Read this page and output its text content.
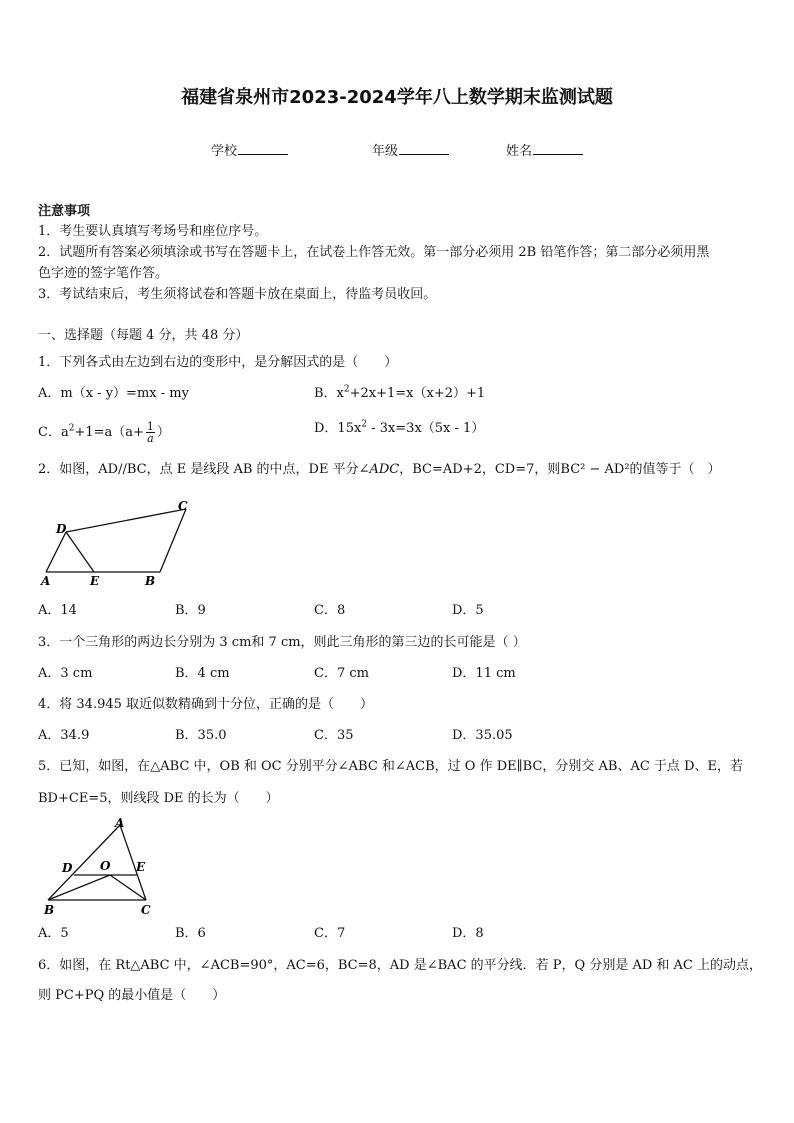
福建省泉州市2023-2024学年八上数学期末监测试题
学校	年级	姓名
注意事项
1．考生要认真填写考场号和座位序号。
2．试题所有答案必须填涂或书写在答题卡上，在试卷上作答无效。第一部分必须用 2B 铅笔作答；第二部分必须用黑
色字迹的签字笔作答。
3．考试结束后，考生须将试卷和答题卡放在桌面上，待监考员收回。
一、选择题（每题 4 分，共 48 分）
1．下列各式由左边到右边的变形中，是分解因式的是（　　）
A．m（x - y）=mx - my	B．$x^2+2x+1=x(x+2)+1$
C．$a^2+1=a(a+ \frac{1}{a}$ ）	D．$15x^2 - 3x=3x(5x - 1)$
2．如图，AD//BC，点 E 是线段 AB 的中点，DE 平分∠ADC，BC=AD+2，CD=7，则BC² − AD²的值等于（　）
D
C
A	E	B
A．14	B．9	C．8	D．5
3．一个三角形的两边长分别为 3 cm和 7 cm，则此三角形的第三边的长可能是（ ）
A．3 cm	B．4 cm	C．7 cm	D．11 cm
4．将 34.945 取近似数精确到十分位，正确的是（　　）
A．34.9	B．35.0	C．35	D．35.05
5．已知，如图，在△ABC 中，OB 和 OC 分别平分∠ABC 和∠ACB，过 O 作 DE∥BC，分别交 AB、AC 于点 D、E，若
BD+CE=5，则线段 DE 的长为（　　）
A
D O E
B	C
A．5	B．6	C．7	D．8
6．如图，在 Rt△ABC 中，∠ACB=90°，AC=6，BC=8，AD 是∠BAC 的平分线．若 P，Q 分别是 AD 和 AC 上的动点，
则 PC+PQ 的最小值是（　　）
